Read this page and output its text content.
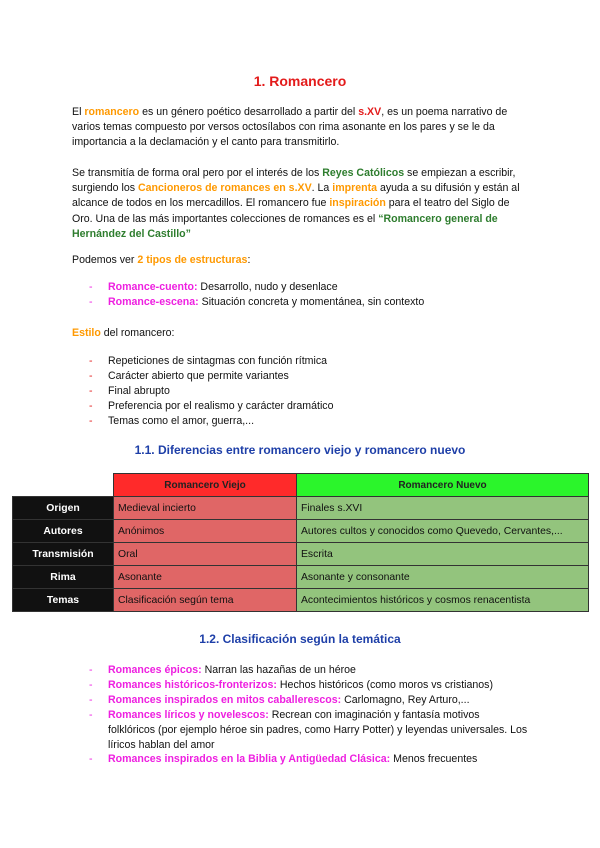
1. Romancero

El romancero es un género poético desarrollado a partir del s.XV, es un poema narrativo de varios temas compuesto por versos octosílabos con rima asonante en los pares y se le da importancia a la declamación y el canto para transmitirlo.

Se transmitía de forma oral pero por el interés de los Reyes Católicos se empiezan a escribir, surgiendo los Cancioneros de romances en s.XV. La imprenta ayuda a su difusión y están al alcance de todos en los mercadillos. El romancero fue inspiración para el teatro del Siglo de Oro. Una de las más importantes colecciones de romances es el “Romancero general de Hernández del Castillo”

Podemos ver 2 tipos de estructuras:

- Romance-cuento: Desarrollo, nudo y desenlace
- Romance-escena: Situación concreta y momentánea, sin contexto

Estilo del romancero:

- Repeticiones de sintagmas con función rítmica
- Carácter abierto que permite variantes
- Final abrupto
- Preferencia por el realismo y carácter dramático
- Temas como el amor, guerra,...
1.1. Diferencias entre romancero viejo y romancero nuevo
	Romancero Viejo	Romancero Nuevo
Origen	Medieval incierto	Finales s.XVI
Autores	Anónimos	Autores cultos y conocidos como Quevedo, Cervantes,...
Transmisión	Oral	Escrita
Rima	Asonante	Asonante y consonante
Temas	Clasificación según tema	Acontecimientos históricos y cosmos renacentista
1.2. Clasificación según la temática
- Romances épicos: Narran las hazañas de un héroe
- Romances históricos-fronterizos: Hechos históricos (como moros vs cristianos)
- Romances inspirados en mitos caballerescos: Carlomagno, Rey Arturo,...
- Romances líricos y novelescos: Recrean con imaginación y fantasía motivos folklóricos (por ejemplo héroe sin padres, como Harry Potter) y leyendas universales. Los líricos hablan del amor
- Romances inspirados en la Biblia y Antigüedad Clásica: Menos frecuentes
